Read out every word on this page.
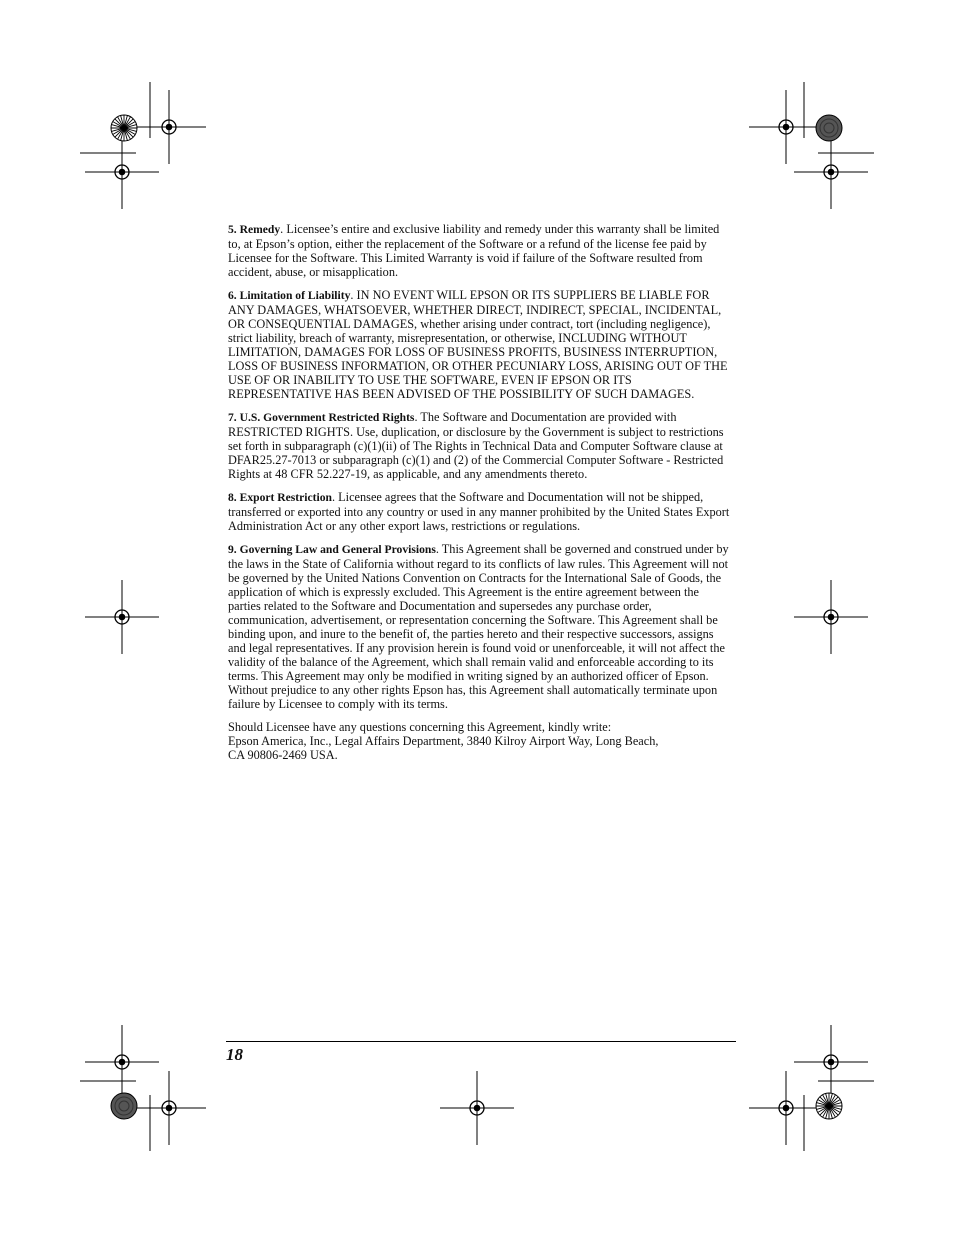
5. Remedy. Licensee’s entire and exclusive liability and remedy under this warranty shall be limited to, at Epson’s option, either the replacement of the Software or a refund of the license fee paid by Licensee for the Software. This Limited Warranty is void if failure of the Software resulted from accident, abuse, or misapplication.

6. Limitation of Liability. IN NO EVENT WILL EPSON OR ITS SUPPLIERS BE LIABLE FOR ANY DAMAGES, WHATSOEVER, WHETHER DIRECT, INDIRECT, SPECIAL, INCIDENTAL, OR CONSEQUENTIAL DAMAGES, whether arising under contract, tort (including negligence), strict liability, breach of warranty, misrepresentation, or otherwise, INCLUDING WITHOUT LIMITATION, DAMAGES FOR LOSS OF BUSINESS PROFITS, BUSINESS INTERRUPTION, LOSS OF BUSINESS INFORMATION, OR OTHER PECUNIARY LOSS, ARISING OUT OF THE USE OF OR INABILITY TO USE THE SOFTWARE, EVEN IF EPSON OR ITS REPRESENTATIVE HAS BEEN ADVISED OF THE POSSIBILITY OF SUCH DAMAGES.

7. U.S. Government Restricted Rights. The Software and Documentation are provided with RESTRICTED RIGHTS. Use, duplication, or disclosure by the Government is subject to restrictions set forth in subparagraph (c)(1)(ii) of The Rights in Technical Data and Computer Software clause at DFAR25.27-7013 or subparagraph (c)(1) and (2) of the Commercial Computer Software - Restricted Rights at 48 CFR 52.227-19, as applicable, and any amendments thereto.

8. Export Restriction. Licensee agrees that the Software and Documentation will not be shipped, transferred or exported into any country or used in any manner prohibited by the United States Export Administration Act or any other export laws, restrictions or regulations.

9. Governing Law and General Provisions. This Agreement shall be governed and construed under by the laws in the State of California without regard to its conflicts of law rules. This Agreement will not be governed by the United Nations Convention on Contracts for the International Sale of Goods, the application of which is expressly excluded. This Agreement is the entire agreement between the parties related to the Software and Documentation and supersedes any purchase order, communication, advertisement, or representation concerning the Software. This Agreement shall be binding upon, and inure to the benefit of, the parties hereto and their respective successors, assigns and legal representatives. If any provision herein is found void or unenforceable, it will not affect the validity of the balance of the Agreement, which shall remain valid and enforceable according to its terms. This Agreement may only be modified in writing signed by an authorized officer of Epson. Without prejudice to any other rights Epson has, this Agreement shall automatically terminate upon failure by Licensee to comply with its terms.

Should Licensee have any questions concerning this Agreement, kindly write:
Epson America, Inc., Legal Affairs Department, 3840 Kilroy Airport Way, Long Beach,
CA 90806-2469 USA.
18
